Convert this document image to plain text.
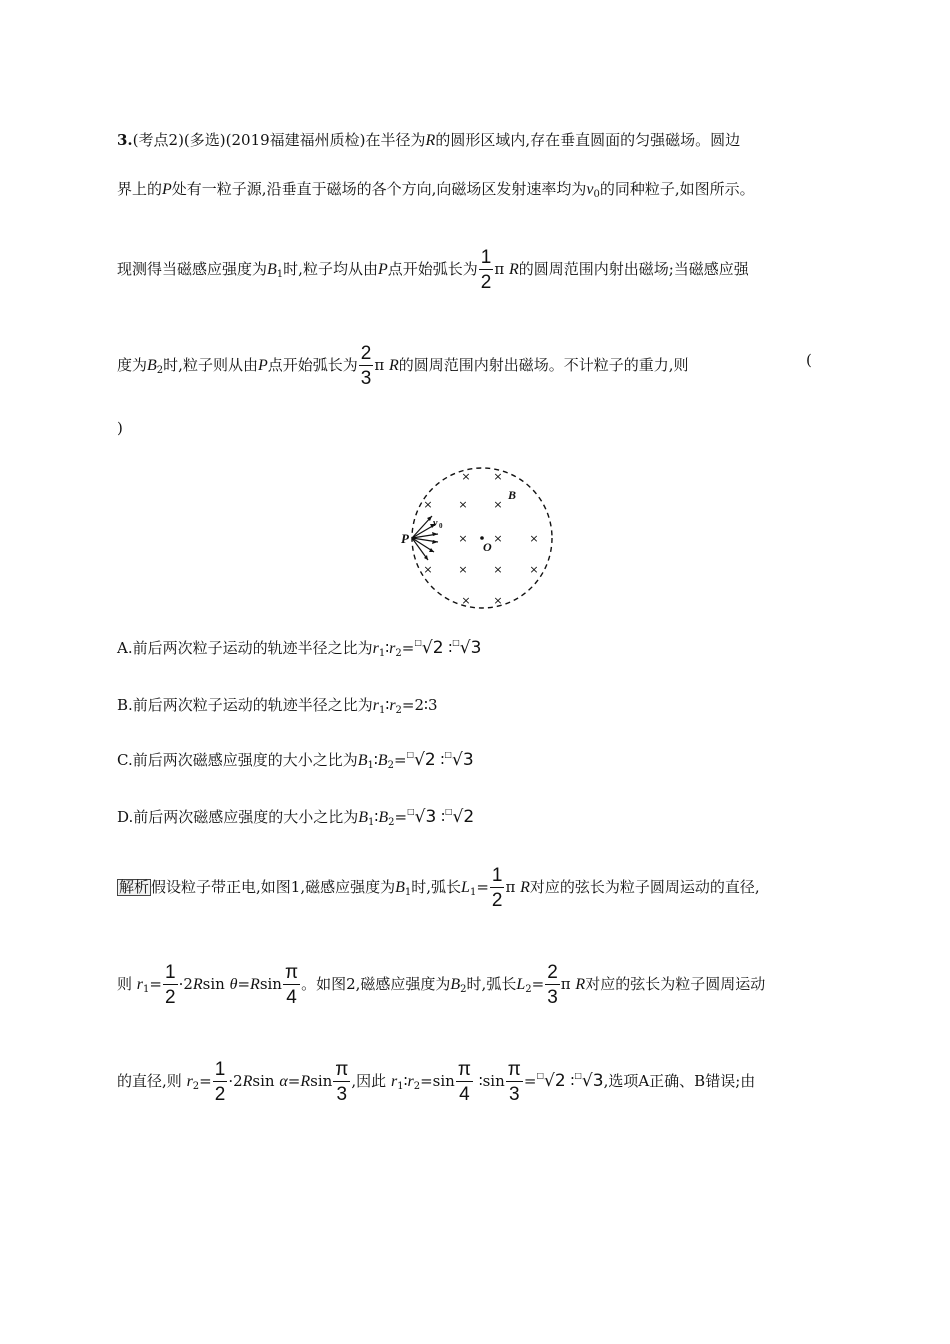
3.(考点2)(多选)(2019福建福州质检)在半径为R的圆形区域内,存在垂直圆面的匀强磁场。圆边
界上的P处有一粒子源,沿垂直于磁场的各个方向,向磁场区发射速率均为$v_0$的同种粒子,如图所示。
现测得当磁感应强度为$B_1$时,粒子均从由P点开始弧长为 $\frac{1}{2}$ π R的圆周范围内射出磁场;当磁感应强
度为$B_2$时,粒子则从由P点开始弧长为 $\frac{2}{3}$ π R的圆周范围内射出磁场。不计粒子的重力,则	(
)
× ×
× × ×
× × ×
× × × ×
× ×
P
O
B
v 0
A.前后两次粒子运动的轨迹半径之比为$r_1∶r_2=^□√2$ ∶□√3
B.前后两次粒子运动的轨迹半径之比为$r_1∶r_2=2∶3$
C.前后两次磁感应强度的大小之比为$B_1∶B_2=^□√2$ ∶□√3
D.前后两次磁感应强度的大小之比为$B_1∶B_2=^□√3$ ∶□√2
解析 假设粒子带正电,如图1,磁感应强度为$B_1$时,弧长$L_1= \frac{1}{2}$ π R对应的弦长为粒子圆周运动的直径,
则 $r_1= \frac{1}{2} \cdot 2Rsin$ $\theta=Rsin \frac{\pi}{4}$ 。如图2,磁感应强度为$B_2$时,弧长$L_2= \frac{2}{3}$ π R对应的弦长为粒子圆周运动
的直径,则 $r_2= \frac{1}{2} \cdot 2Rsin$ $\alpha=Rsin \frac{\pi}{3}$ ,因此 $r_1∶r_2=\sin \frac{\pi}{4}$ ∶sin $\frac{\pi}{3} =^□√2$ ∶□√3,选项A正确、B错误;由
